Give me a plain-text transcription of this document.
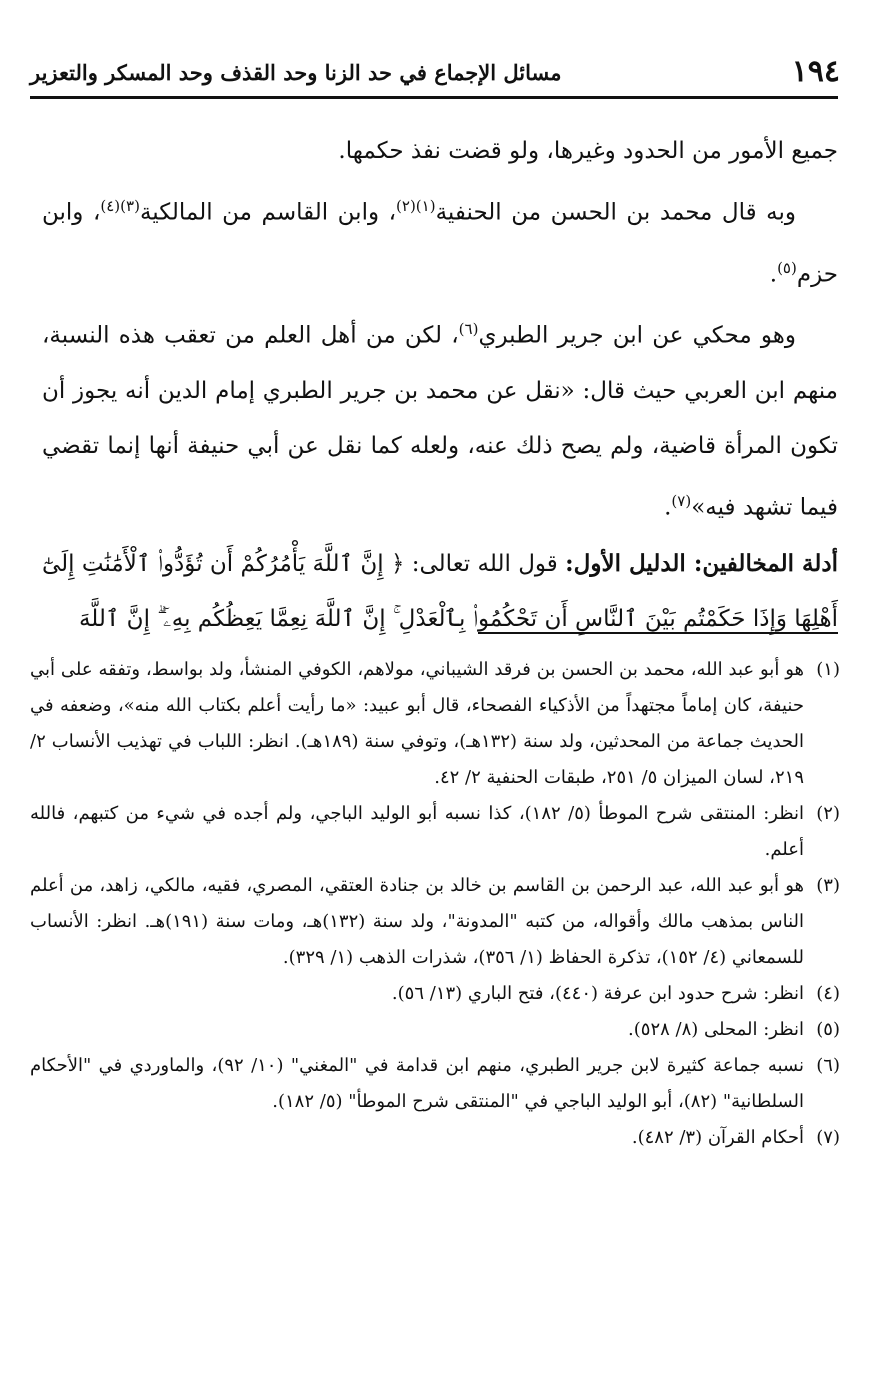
١٩٤
مسائل الإجماع في حد الزنا وحد القذف وحد المسكر والتعزير

جميع الأمور من الحدود وغيرها، ولو قضت نفذ حكمها.

وبه قال محمد بن الحسن من الحنفية$^{(١)(٢)}$، وابن القاسم من المالكية$^{(٣)(٤)}$، وابن حزم$^{(٥)}$.

وهو محكي عن ابن جرير الطبري$^{(٦)}$، لكن من أهل العلم من تعقب هذه النسبة، منهم ابن العربي حيث قال: «نقل عن محمد بن جرير الطبري إمام الدين أنه يجوز أن تكون المرأة قاضية، ولم يصح ذلك عنه، ولعله كما نقل عن أبي حنيفة أنها إنما تقضي فيما تشهد فيه»$^{(٧)}$.

أدلة المخالفين: الدليل الأول: قول الله تعالى: ﴿ إِنَّ ٱللَّهَ يَأْمُرُكُمْ أَن تُؤَدُّوا۟ ٱلْأَمَٰنَٰتِ إِلَىٰٓ أَهْلِهَا وَإِذَا حَكَمْتُم بَيْنَ ٱلنَّاسِ أَن تَحْكُمُوا۟ بِٱلْعَدْلِ ۚ إِنَّ ٱللَّهَ نِعِمَّا يَعِظُكُم بِهِۦٓ ۗ إِنَّ ٱللَّهَ

(١)
هو أبو عبد الله، محمد بن الحسن بن فرقد الشيباني، مولاهم، الكوفي المنشأ، ولد بواسط، وتفقه على أبي حنيفة، كان إماماً مجتهداً من الأذكياء الفصحاء، قال أبو عبيد: «ما رأيت أعلم بكتاب الله منه»، وضعفه في الحديث جماعة من المحدثين، ولد سنة (١٣٢هـ)، وتوفي سنة (١٨٩هـ). انظر: اللباب في تهذيب الأنساب ٢/ ٢١٩، لسان الميزان ٥/ ٢٥١، طبقات الحنفية ٢/ ٤٢.
(٢)
انظر: المنتقى شرح الموطأ (٥/ ١٨٢)، كذا نسبه أبو الوليد الباجي، ولم أجده في شيء من كتبهم، فالله أعلم.
(٣)
هو أبو عبد الله، عبد الرحمن بن القاسم بن خالد بن جنادة العتقي، المصري، فقيه، مالكي، زاهد، من أعلم الناس بمذهب مالك وأقواله، من كتبه "المدونة"، ولد سنة (١٣٢)هـ، ومات سنة (١٩١)هـ. انظر: الأنساب للسمعاني (٤/ ١٥٢)، تذكرة الحفاظ (١/ ٣٥٦)، شذرات الذهب (١/ ٣٢٩).
(٤)
انظر: شرح حدود ابن عرفة (٤٤٠)، فتح الباري (١٣/ ٥٦).
(٥)
انظر: المحلى (٨/ ٥٢٨).
(٦)
نسبه جماعة كثيرة لابن جرير الطبري، منهم ابن قدامة في "المغني" (١٠/ ٩٢)، والماوردي في "الأحكام السلطانية" (٨٢)، أبو الوليد الباجي في "المنتقى شرح الموطأ" (٥/ ١٨٢).
(٧)
أحكام القرآن (٣/ ٤٨٢).
